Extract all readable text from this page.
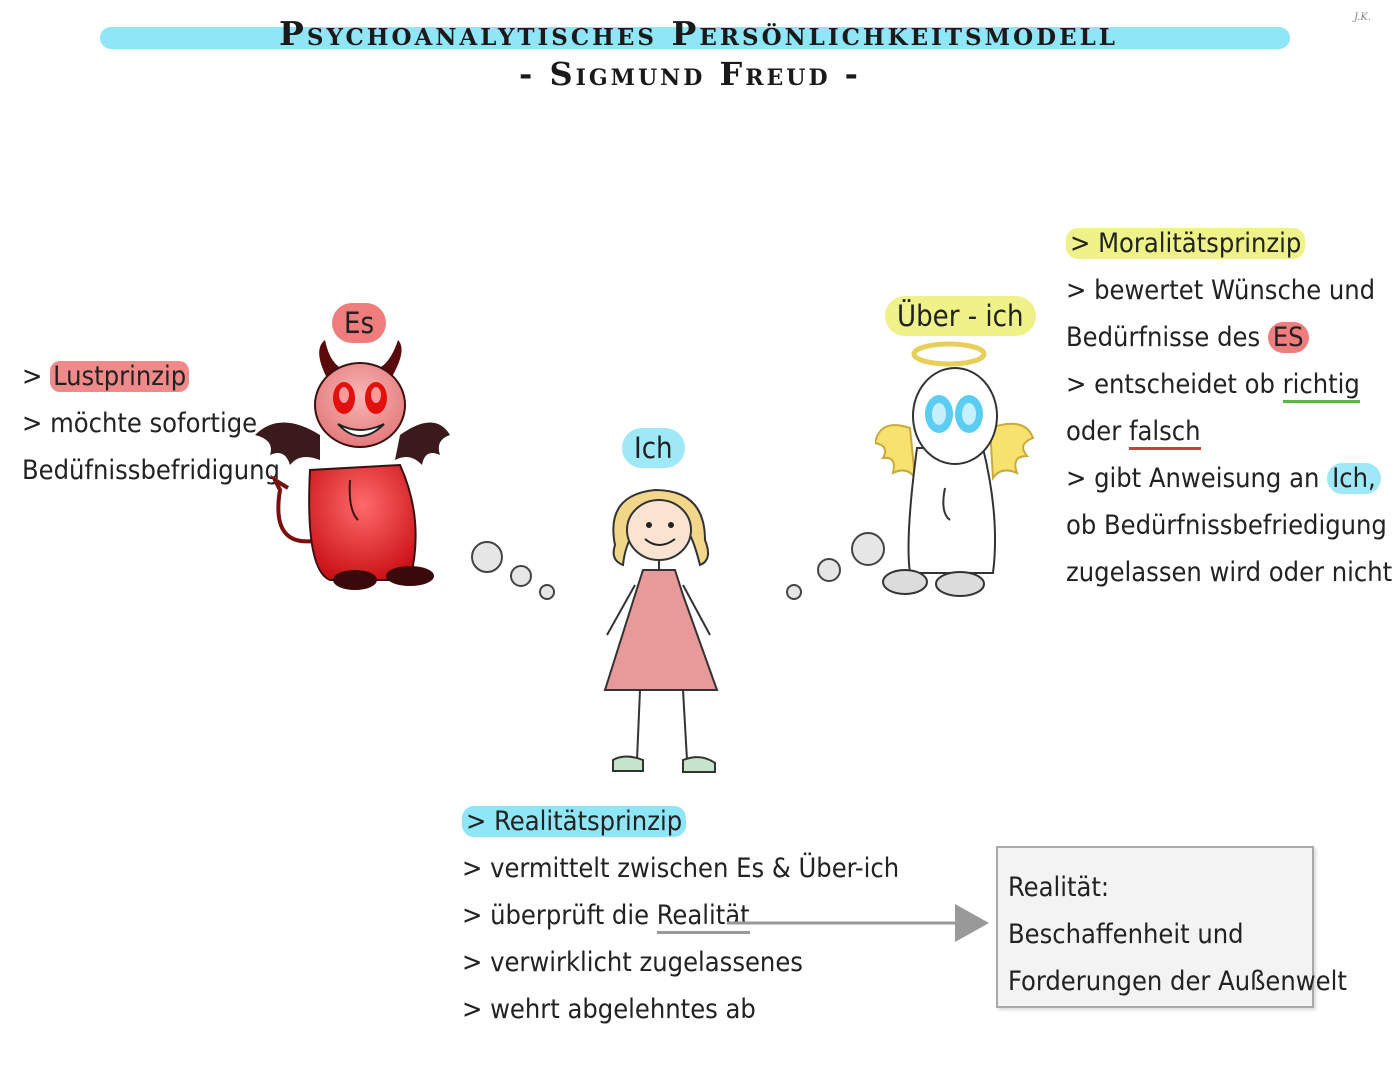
Psychoanalytisches Persönlichkeitsmodell
- Sigmund Freud -
J.K.
> Lustprinzip
> möchte sofortige
Bedüfnissbefridigung
Es
Ich
Über - ich
> Moralitätsprinzip
> bewertet Wünsche und
Bedürfnisse des ES
> entscheidet ob richtig
oder falsch
> gibt Anweisung an Ich,
ob Bedürfnissbefriedigung
zugelassen wird oder nicht
> Realitätsprinzip
> vermittelt zwischen Es & Über-ich
> überprüft die Realität
> verwirklicht zugelassenes
> wehrt abgelehntes ab
Realität:
Beschaffenheit und
Forderungen der Außenwelt
